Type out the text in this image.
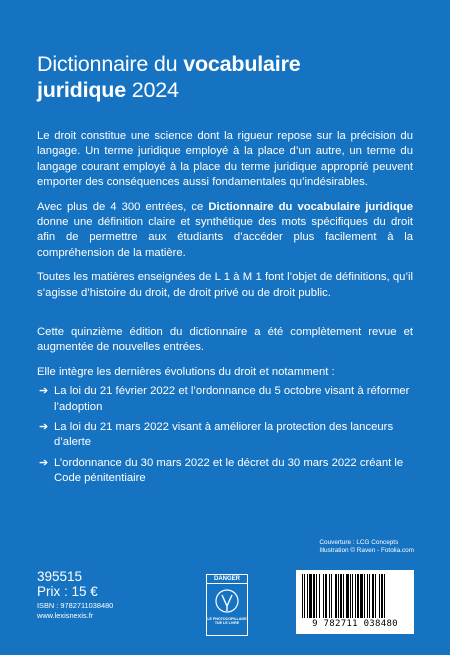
Dictionnaire du vocabulaire
juridique 2024

Le droit constitue une science dont la rigueur repose sur la précision du langage. Un terme juridique employé à la place d’un autre, un terme du langage courant employé à la place du terme juridique approprié peuvent emporter des conséquences aussi fondamentales qu’indésirables.

Avec plus de 4 300 entrées, ce Dictionnaire du vocabulaire juridique donne une définition claire et synthétique des mots spécifiques du droit afin de permettre aux étudiants d’accéder plus facilement à la compréhension de la matière.

Toutes les matières enseignées de L 1 à M 1 font l’objet de définitions, qu’il s’agisse d’histoire du droit, de droit privé ou de droit public.

Cette quinzième édition du dictionnaire a été complètement revue et augmentée de nouvelles entrées.

Elle intègre les dernières évolutions du droit et notamment :

➔ La loi du 21 février 2022 et l’ordonnance du 5 octobre visant à réformer l’adoption
➔ La loi du 21 mars 2022 visant à améliorer la protection des lanceurs d’alerte
➔ L’ordonnance du 30 mars 2022 et le décret du 30 mars 2022 créant le Code pénitentiaire
Couverture : LCG Concepts
Illustration © Raven - Fotolia.com
395515
Prix : 15 €
ISBN : 9782711038480
www.lexisnexis.fr
DANGER
LE PHOTOCOPILLAGE
TUE LE LIVRE	9 782711 038480
